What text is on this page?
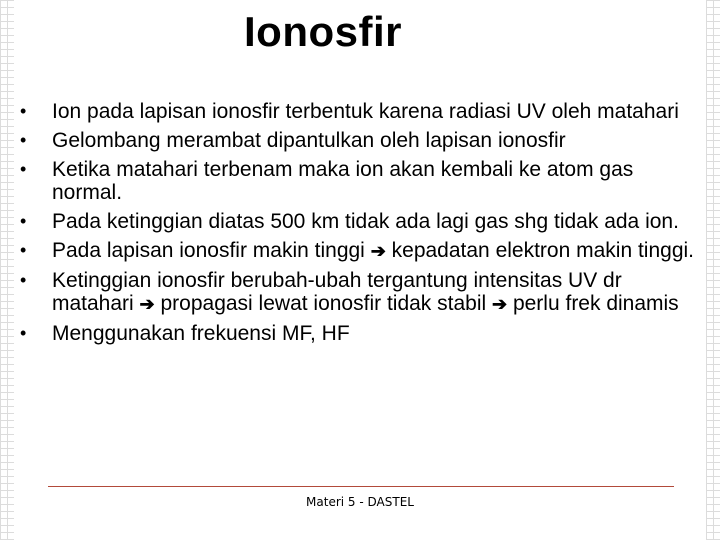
Ionosfir
• Ion pada lapisan ionosfir terbentuk karena radiasi UV oleh matahari
• Gelombang merambat dipantulkan oleh lapisan ionosfir
• Ketika matahari terbenam maka ion akan kembali ke atom gas normal.
• Pada ketinggian diatas 500 km tidak ada lagi gas shg tidak ada ion.
• Pada lapisan ionosfir makin tinggi ➔ kepadatan elektron makin tinggi.
• Ketinggian ionosfir berubah-ubah tergantung intensitas UV dr matahari ➔ propagasi lewat ionosfir tidak stabil ➔ perlu frek dinamis
• Menggunakan frekuensi MF, HF
Materi 5 - DASTEL
